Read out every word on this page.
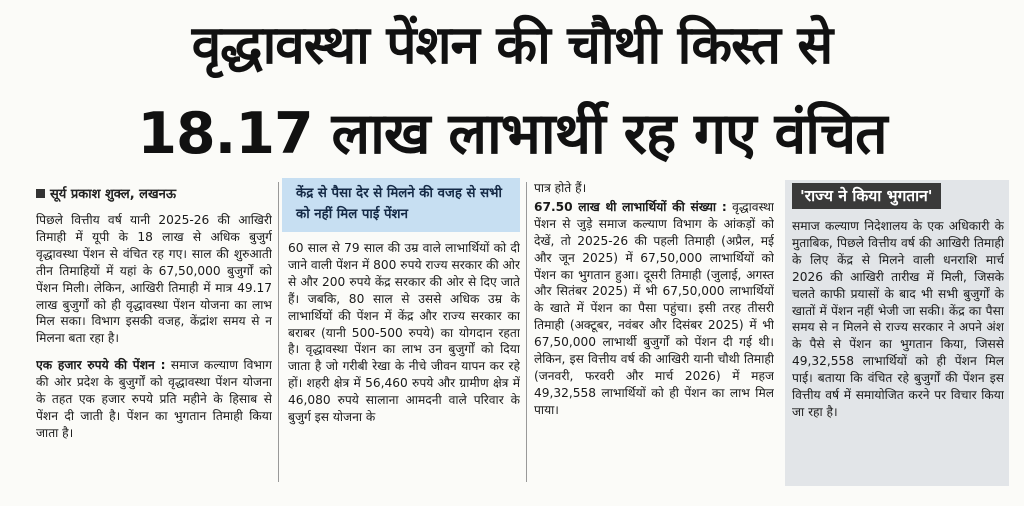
वृद्धावस्था पेंशन की चौथी किस्त से
18.17 लाख लाभार्थी रह गए वंचित
सूर्य प्रकाश शुक्ल, लखनऊ

पिछले वित्तीय वर्ष यानी 2025-26 की आखिरी तिमाही में यूपी के 18 लाख से अधिक बुजुर्ग वृद्धावस्था पेंशन से वंचित रह गए। साल की शुरुआती तीन तिमाहियों में यहां के 67,50,000 बुजुर्गों को पेंशन मिली। लेकिन, आखिरी तिमाही में मात्र 49.17 लाख बुजुर्गों को ही वृद्धावस्था पेंशन योजना का लाभ मिल सका। विभाग इसकी वजह, केंद्रांश समय से न मिलना बता रहा है।

एक हजार रुपये की पेंशन : समाज कल्याण विभाग की ओर प्रदेश के बुजुर्गों को वृद्धावस्था पेंशन योजना के तहत एक हजार रुपये प्रति महीने के हिसाब से पेंशन दी जाती है। पेंशन का भुगतान तिमाही किया जाता है।

केंद्र से पैसा देर से मिलने की वजह से सभी को नहीं मिल पाई पेंशन

60 साल से 79 साल की उम्र वाले लाभार्थियों को दी जाने वाली पेंशन में 800 रुपये राज्य सरकार की ओर से और 200 रुपये केंद्र सरकार की ओर से दिए जाते हैं। जबकि, 80 साल से उससे अधिक उम्र के लाभार्थियों की पेंशन में केंद्र और राज्य सरकार का बराबर (यानी 500-500 रुपये) का योगदान रहता है। वृद्धावस्था पेंशन का लाभ उन बुजुर्गों को दिया जाता है जो गरीबी रेखा के नीचे जीवन यापन कर रहे हों। शहरी क्षेत्र में 56,460 रुपये और ग्रामीण क्षेत्र में 46,080 रुपये सालाना आमदनी वाले परिवार के बुजुर्ग इस योजना के

पात्र होते हैं।

67.50 लाख थी लाभार्थियों की संख्या : वृद्धावस्था पेंशन से जुड़े समाज कल्याण विभाग के आंकड़ों को देखें, तो 2025-26 की पहली तिमाही (अप्रैल, मई और जून 2025) में 67,50,000 लाभार्थियों को पेंशन का भुगतान हुआ। दूसरी तिमाही (जुलाई, अगस्त और सितंबर 2025) में भी 67,50,000 लाभार्थियों के खाते में पेंशन का पैसा पहुंचा। इसी तरह तीसरी तिमाही (अक्टूबर, नवंबर और दिसंबर 2025) में भी 67,50,000 लाभार्थी बुजुर्गों को पेंशन दी गई थी। लेकिन, इस वित्तीय वर्ष की आखिरी यानी चौथी तिमाही (जनवरी, फरवरी और मार्च 2026) में महज 49,32,558 लाभार्थियों को ही पेंशन का लाभ मिल पाया।

'राज्य ने किया भुगतान'

समाज कल्याण निदेशालय के एक अधिकारी के मुताबिक, पिछले वित्तीय वर्ष की आखिरी तिमाही के लिए केंद्र से मिलने वाली धनराशि मार्च 2026 की आखिरी तारीख में मिली, जिसके चलते काफी प्रयासों के बाद भी सभी बुजुर्गों के खातों में पेंशन नहीं भेजी जा सकी। केंद्र का पैसा समय से न मिलने से राज्य सरकार ने अपने अंश के पैसे से पेंशन का भुगतान किया, जिससे 49,32,558 लाभार्थियों को ही पेंशन मिल पाई। बताया कि वंचित रहे बुजुर्गों की पेंशन इस वित्तीय वर्ष में समायोजित करने पर विचार किया जा रहा है।
